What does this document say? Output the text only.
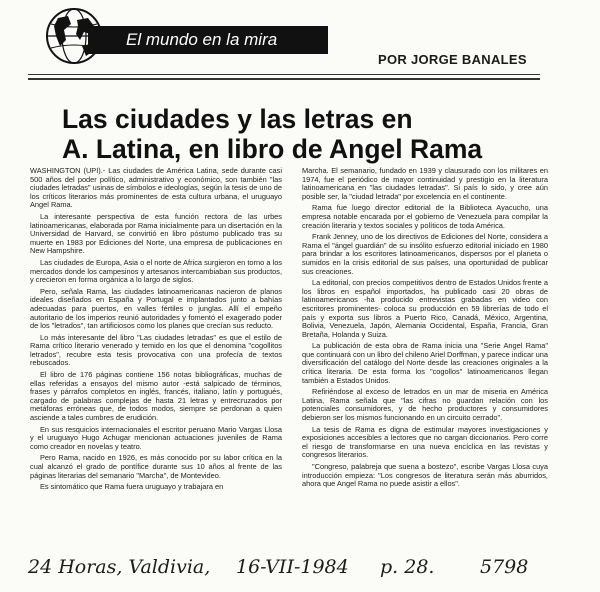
El mundo en la mira
POR JORGE BANALES
Las ciudades y las letras en
A. Latina, en libro de Angel Rama

WASHINGTON (UPI).- Las ciudades de América Latina, sede durante casi 500 años del poder político, administrativo y económico, son también "las ciudades letradas" usinas de símbolos e ideologías, según la tesis de uno de los críticos literarios más prominentes de esta cultura urbana, el uruguayo Angel Rama.

La interesante perspectiva de esta función rectora de las urbes latinoamericanas, elaborada por Rama inicialmente para un disertación en la Universidad de Harvard, se convirtió en libro póstumo publicado tras su muerte en 1983 por Ediciones del Norte, una empresa de publicaciones en New Hampshire.

Las ciudades de Europa, Asia o el norte de Africa surgieron en torno a los mercados donde los campesinos y artesanos intercambiaban sus productos, y crecieron en forma orgánica a lo largo de siglos.

Pero, señala Rama, las ciudades latinoamericanas nacieron de planos ideales diseñados en España y Portugal e implantados junto a bahías adecuadas para puertos, en valles fértiles o junglas. Allí el empeño autoritario de los imperios reunió autoridades y fomentó el exagerado poder de los "letrados", tan artificiosos como los planes que crecían sus reducto.

Lo más interesante del libro "Las ciudades letradas" es que el estilo de Rama crítico literario venerado y temido en los que el denomina "cogollitos letrados", recubre esta tesis provocativa con una profecía de textos rebuscados.

El libro de 176 páginas contiene 156 notas bibliográficas, muchas de ellas referidas a ensayos del mismo autor -está salpicado de términos, frases y párrafos completos en inglés, francés, italiano, latín y portugués, cargado de palabras complejas de hasta 21 letras y entrecruzados por metáforas erróneas que, de todos modos, siempre se perdonan a quien asciende a tales cumbres de erudición.

En sus resquicios internacionales el escritor peruano Mario Vargas Llosa y el uruguayo Hugo Achugar mencionan actuaciones juveniles de Rama como creador en novelas y teatro.

Pero Rama, nacido en 1926, es más conocido por su labor crítica en la cual alcanzó el grado de pontífice durante sus 10 años al frente de las páginas literarias del semanario "Marcha", de Montevideo.

Es sintomático que Rama fuera uruguayo y trabajara en

Marcha. El semanario, fundado en 1939 y clausurado con los militares en 1974, fue el periódico de mayor continuidad y prestigio en la literatura latinoamericana en "las ciudades letradas". Si país lo sido, y cree aún posible ser, la "ciudad letrada" por excelencia en el continente.

Rama fue luego director editorial de la Biblioteca Ayacucho, una empresa notable encarada por el gobierno de Venezuela para compilar la creación literaria y textos sociales y políticos de toda América.

Frank Jenney, uno de los directivos de Ediciones del Norte, considera a Rama el "ángel guardián" de su insólito esfuerzo editorial iniciado en 1980 para brindar a los escritores latinoamericanos, dispersos por el planeta o sumidos en la crisis editorial de sus países, una oportunidad de publicar sus creaciones.

La editorial, con precios competitivos dentro de Estados Unidos frente a los libros en español importados, ha publicado casi 20 obras de latinoamericanos -ha producido entrevistas grabadas en video con escritores prominentes- coloca su producción en 59 librerías de todo el país y exporta sus libros a Puerto Rico, Canadá, México, Argentina, Bolivia, Venezuela, Japón, Alemania Occidental, España, Francia, Gran Bretaña, Holanda y Suiza.

La publicación de esta obra de Rama inicia una "Serie Angel Rama" que continuará con un libro del chileno Ariel Dorffman, y parece indicar una diversificación del catálogo del Norte desde las creaciones originales a la crítica literaria. De esta forma los "cogollos" latinoamericanos llegan también a Estados Unidos.

Refiriéndose al exceso de letrados en un mar de miseria en América Latina, Rama señala que "las cifras no guardan relación con los potenciales consumidores, y de hecho productores y consumidores debieron ser los mismos funcionando en un circuito cerrado".

La tesis de Rama es digna de estimular mayores investigaciones y exposiciones accesibles a lectores que no cargan diccionarios. Pero corre el riesgo de transformarse en una nueva encíclica en las revistas y congresos literarios.

"Congreso, palabreja que suena a bostezo", escribe Vargas Llosa cuya introducción empieza: "Los congresos de literatura serán más aburridos, ahora que Angel Rama no puede asistir a ellos".

24 Horas, Valdivia, 16-VII-1984 p. 28. 5798
